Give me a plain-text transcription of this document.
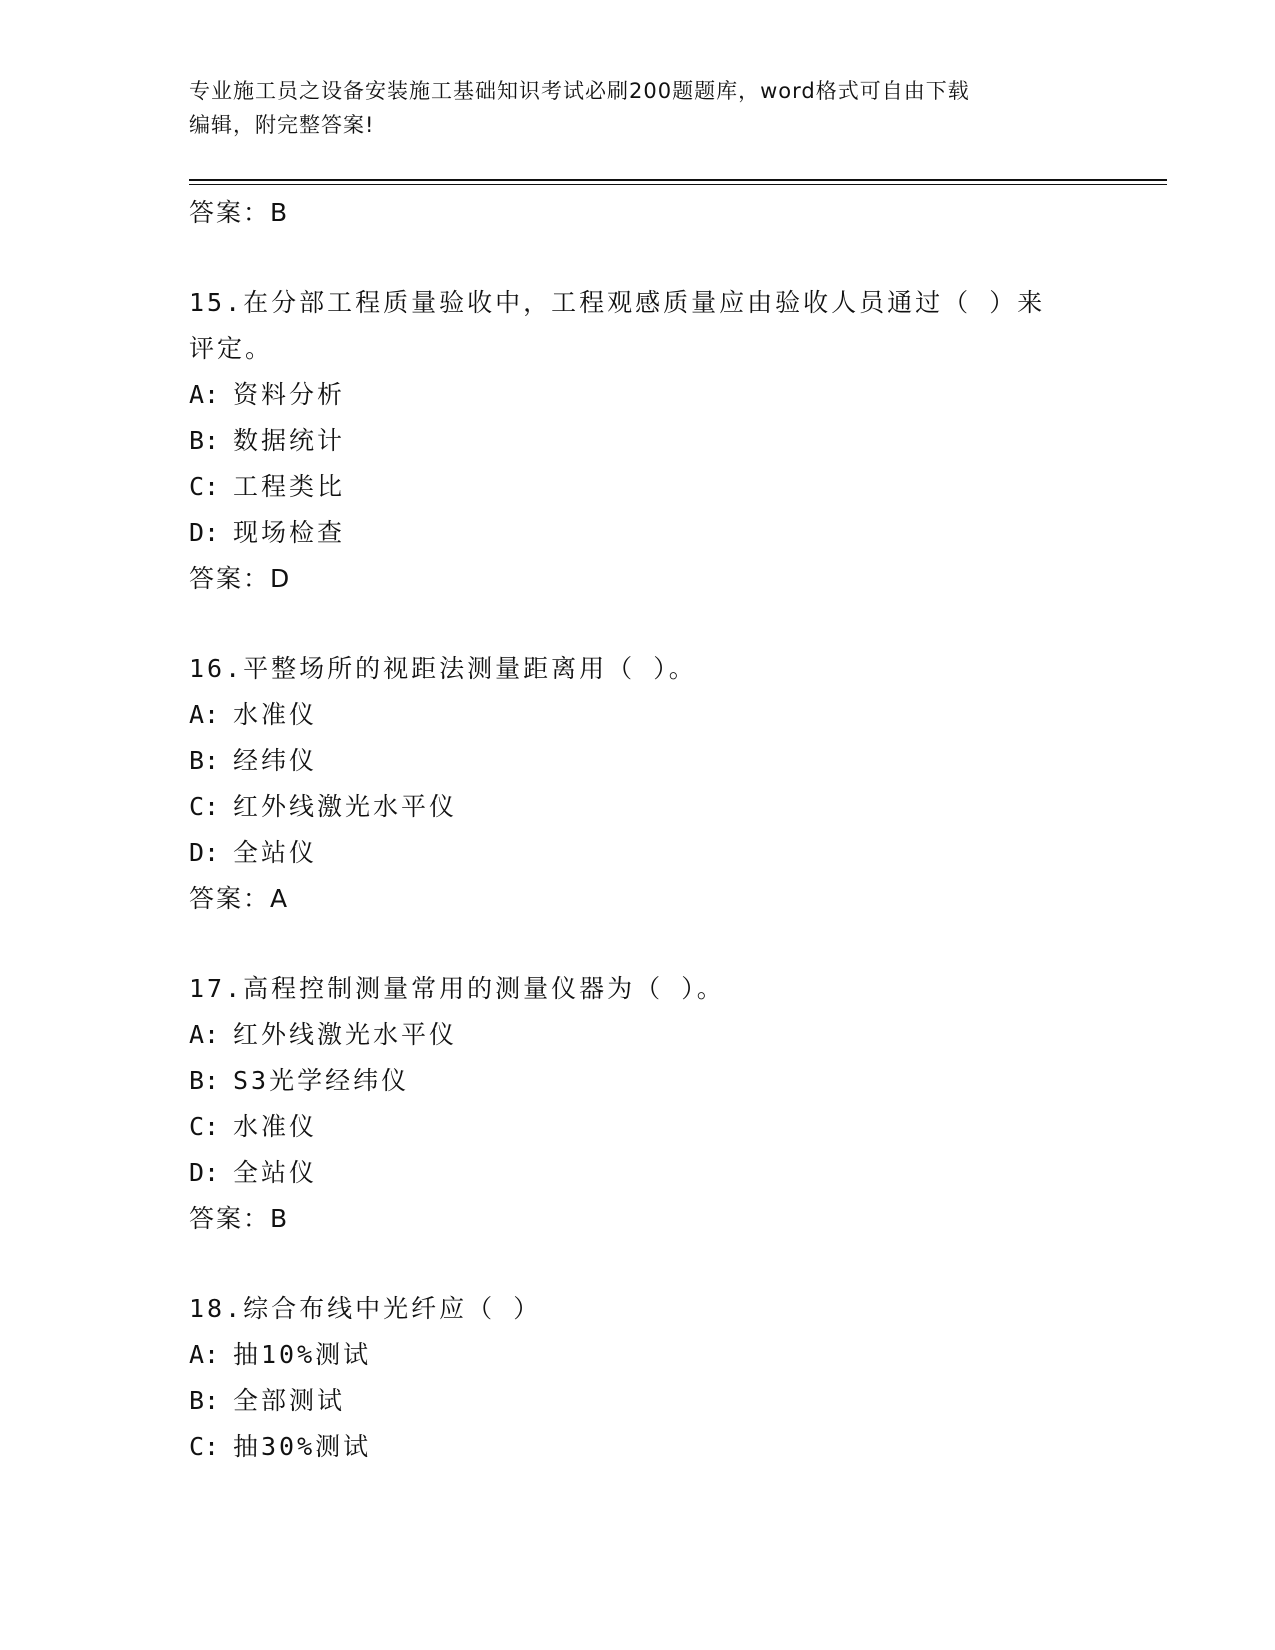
专业施工员之设备安装施工基础知识考试必刷200题题库，word格式可自由下载
编辑，附完整答案!
答案：B
15.在分部工程质量验收中，工程观感质量应由验收人员通过（ ）来
评定。
A: 资料分析
B: 数据统计
C: 工程类比
D: 现场检查
答案：D
16.平整场所的视距法测量距离用（ ）。
A: 水准仪
B: 经纬仪
C: 红外线激光水平仪
D: 全站仪
答案：A
17.高程控制测量常用的测量仪器为（ ）。
A: 红外线激光水平仪
B: S3光学经纬仪
C: 水准仪
D: 全站仪
答案：B
18.综合布线中光纤应（ ）
A: 抽10%测试
B: 全部测试
C: 抽30%测试
